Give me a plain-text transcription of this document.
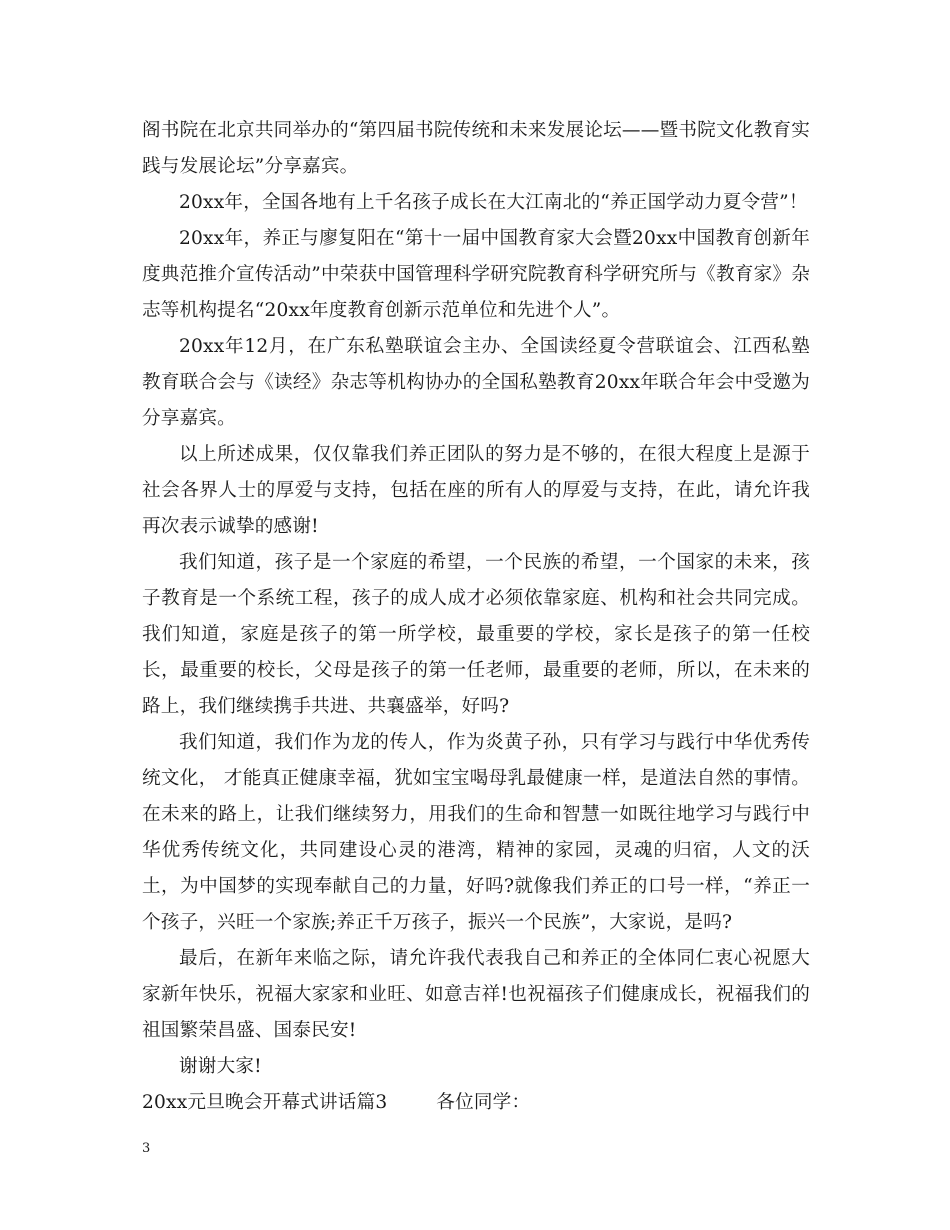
阁书院在北京共同举办的“第四届书院传统和未来发展论坛——暨书院文化教育实践与发展论坛”分享嘉宾。

20xx年，全国各地有上千名孩子成长在大江南北的“养正国学动力夏令营”！

20xx年，养正与廖复阳在“第十一届中国教育家大会暨20xx中国教育创新年度典范推介宣传活动”中荣获中国管理科学研究院教育科学研究所与《教育家》杂志等机构提名“20xx年度教育创新示范单位和先进个人”。

20xx年12月，在广东私塾联谊会主办、全国读经夏令营联谊会、江西私塾教育联合会与《读经》杂志等机构协办的全国私塾教育20xx年联合年会中受邀为分享嘉宾。

以上所述成果，仅仅靠我们养正团队的努力是不够的，在很大程度上是源于社会各界人士的厚爱与支持，包括在座的所有人的厚爱与支持，在此，请允许我再次表示诚挚的感谢!

我们知道，孩子是一个家庭的希望，一个民族的希望，一个国家的未来，孩子教育是一个系统工程，孩子的成人成才必须依靠家庭、机构和社会共同完成。我们知道，家庭是孩子的第一所学校，最重要的学校，家长是孩子的第一任校长，最重要的校长，父母是孩子的第一任老师，最重要的老师，所以，在未来的路上，我们继续携手共进、共襄盛举，好吗?

我们知道，我们作为龙的传人，作为炎黄子孙，只有学习与践行中华优秀传统文化， 才能真正健康幸福，犹如宝宝喝母乳最健康一样，是道法自然的事情。在未来的路上，让我们继续努力，用我们的生命和智慧一如既往地学习与践行中华优秀传统文化，共同建设心灵的港湾，精神的家园，灵魂的归宿，人文的沃土，为中国梦的实现奉献自己的力量，好吗?就像我们养正的口号一样，“养正一个孩子，兴旺一个家族;养正千万孩子，振兴一个民族”，大家说，是吗?

最后，在新年来临之际，请允许我代表我自己和养正的全体同仁衷心祝愿大家新年快乐，祝福大家家和业旺、如意吉祥!也祝福孩子们健康成长，祝福我们的祖国繁荣昌盛、国泰民安!

谢谢大家!

20xx元旦晚会开幕式讲话篇3	各位同学：

3
